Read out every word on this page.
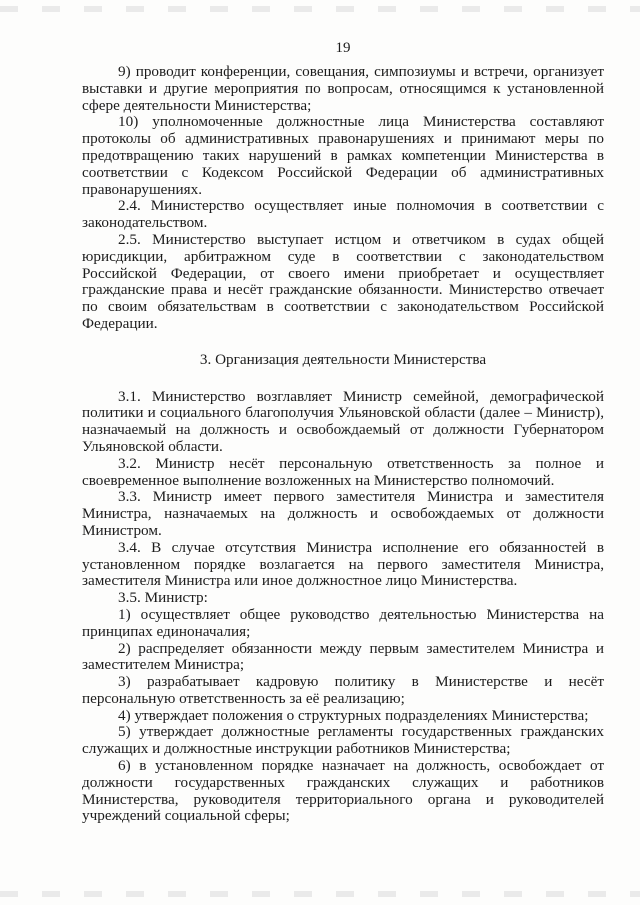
19

9) проводит конференции, совещания, симпозиумы и встречи, организует выставки и другие мероприятия по вопросам, относящимся к установленной сфере деятельности Министерства;

10) уполномоченные должностные лица Министерства составляют протоколы об административных правонарушениях и принимают меры по предотвращению таких нарушений в рамках компетенции Министерства в соответствии с Кодексом Российской Федерации об административных правонарушениях.

2.4. Министерство осуществляет иные полномочия в соответствии с законодательством.

2.5. Министерство выступает истцом и ответчиком в судах общей юрисдикции, арбитражном суде в соответствии с законодательством Российской Федерации, от своего имени приобретает и осуществляет гражданские права и несёт гражданские обязанности. Министерство отвечает по своим обязательствам в соответствии с законодательством Российской Федерации.

3. Организация деятельности Министерства

3.1. Министерство возглавляет Министр семейной, демографической политики и социального благополучия Ульяновской области (далее – Министр), назначаемый на должность и освобождаемый от должности Губернатором Ульяновской области.

3.2. Министр несёт персональную ответственность за полное и своевременное выполнение возложенных на Министерство полномочий.

3.3. Министр имеет первого заместителя Министра и заместителя Министра, назначаемых на должность и освобождаемых от должности Министром.

3.4. В случае отсутствия Министра исполнение его обязанностей в установленном порядке возлагается на первого заместителя Министра, заместителя Министра или иное должностное лицо Министерства.

3.5. Министр:

1) осуществляет общее руководство деятельностью Министерства на принципах единоначалия;

2) распределяет обязанности между первым заместителем Министра и заместителем Министра;

3) разрабатывает кадровую политику в Министерстве и несёт персональную ответственность за её реализацию;

4) утверждает положения о структурных подразделениях Министерства;

5) утверждает должностные регламенты государственных гражданских служащих и должностные инструкции работников Министерства;

6) в установленном порядке назначает на должность, освобождает от должности государственных гражданских служащих и работников Министерства, руководителя территориального органа и руководителей учреждений социальной сферы;
